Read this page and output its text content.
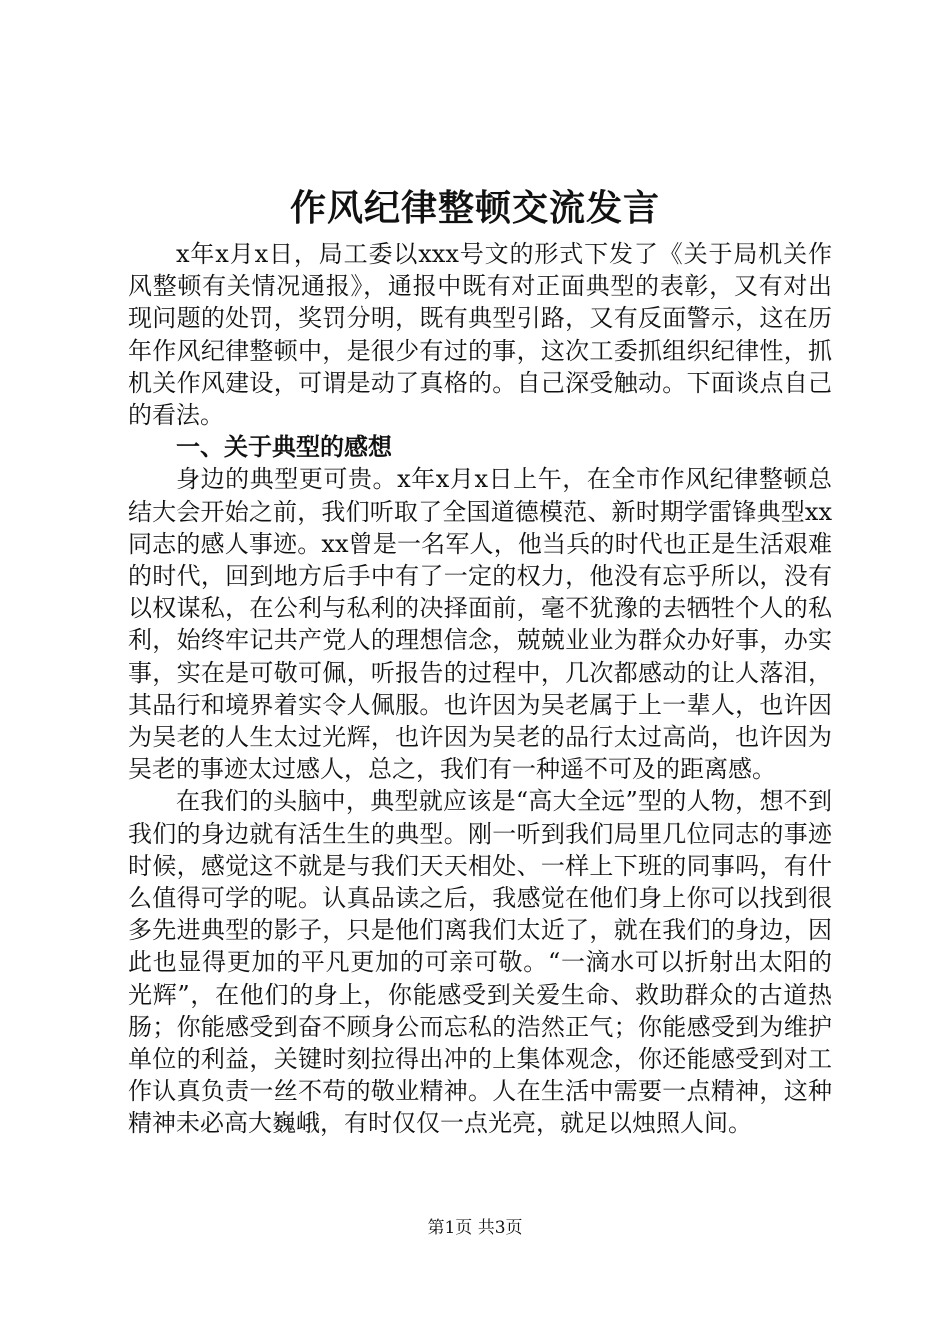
作风纪律整顿交流发言

x年x月x日，局工委以xxx号文的形式下发了《关于局机关作风整顿有关情况通报》，通报中既有对正面典型的表彰，又有对出现问题的处罚，奖罚分明，既有典型引路，又有反面警示，这在历年作风纪律整顿中，是很少有过的事，这次工委抓组织纪律性，抓机关作风建设，可谓是动了真格的。自己深受触动。下面谈点自己的看法。

一、关于典型的感想

身边的典型更可贵。x年x月x日上午，在全市作风纪律整顿总结大会开始之前，我们听取了全国道德模范、新时期学雷锋典型xx同志的感人事迹。xx曾是一名军人，他当兵的时代也正是生活艰难的时代，回到地方后手中有了一定的权力，他没有忘乎所以，没有以权谋私，在公利与私利的决择面前，毫不犹豫的去牺牲个人的私利，始终牢记共产党人的理想信念，兢兢业业为群众办好事，办实事，实在是可敬可佩，听报告的过程中，几次都感动的让人落泪，其品行和境界着实令人佩服。也许因为吴老属于上一辈人，也许因为吴老的人生太过光辉，也许因为吴老的品行太过高尚，也许因为吴老的事迹太过感人，总之，我们有一种遥不可及的距离感。

在我们的头脑中，典型就应该是“高大全远”型的人物，想不到我们的身边就有活生生的典型。刚一听到我们局里几位同志的事迹时候，感觉这不就是与我们天天相处、一样上下班的同事吗，有什么值得可学的呢。认真品读之后，我感觉在他们身上你可以找到很多先进典型的影子，只是他们离我们太近了，就在我们的身边，因此也显得更加的平凡更加的可亲可敬。“一滴水可以折射出太阳的光辉”，在他们的身上，你能感受到关爱生命、救助群众的古道热肠；你能感受到奋不顾身公而忘私的浩然正气；你能感受到为维护单位的利益，关键时刻拉得出冲的上集体观念，你还能感受到对工作认真负责一丝不苟的敬业精神。人在生活中需要一点精神，这种精神未必高大巍峨，有时仅仅一点光亮，就足以烛照人间。

第1页 共3页
